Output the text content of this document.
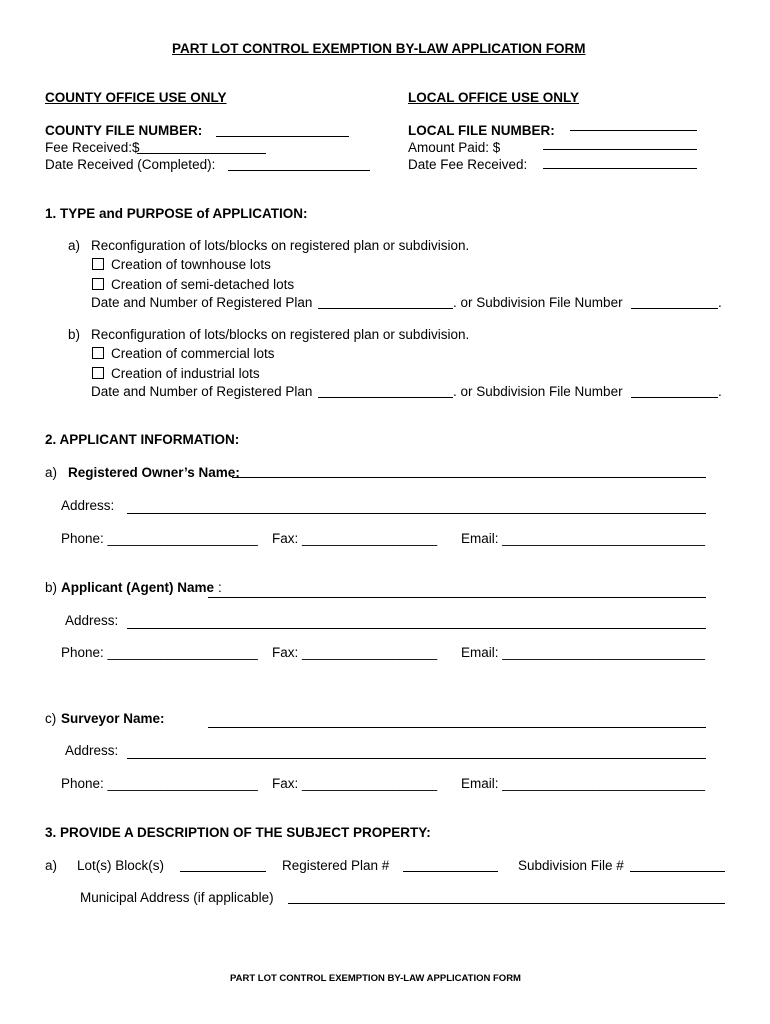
PART LOT CONTROL EXEMPTION BY-LAW APPLICATION FORM
COUNTY OFFICE USE ONLY	LOCAL OFFICE USE ONLY
COUNTY FILE NUMBER:
Fee Received:$
Date Received (Completed):
LOCAL FILE NUMBER:
Amount Paid: $
Date Fee Received:
1. TYPE and PURPOSE of APPLICATION:
a) Reconfiguration of lots/blocks on registered plan or subdivision.
Creation of townhouse lots
Creation of semi-detached lots
Date and Number of Registered Plan	. or Subdivision File Number	.
b) Reconfiguration of lots/blocks on registered plan or subdivision.
Creation of commercial lots
Creation of industrial lots
Date and Number of Registered Plan	. or Subdivision File Number	.
2. APPLICANT INFORMATION:
a) Registered Owner’s Name:
Address:
Phone: ____________________ Fax: __________________ Email: ___________________________
b) Applicant (Agent) Name :
Address:
Phone: ____________________ Fax: __________________ Email: ___________________________
c) Surveyor Name:
Address:
Phone: ____________________ Fax: __________________ Email: ___________________________
3. PROVIDE A DESCRIPTION OF THE SUBJECT PROPERTY:
a) Lot(s) Block(s)	Registered Plan #	Subdivision File #
Municipal Address (if applicable)
PART LOT CONTROL EXEMPTION BY-LAW APPLICATION FORM
